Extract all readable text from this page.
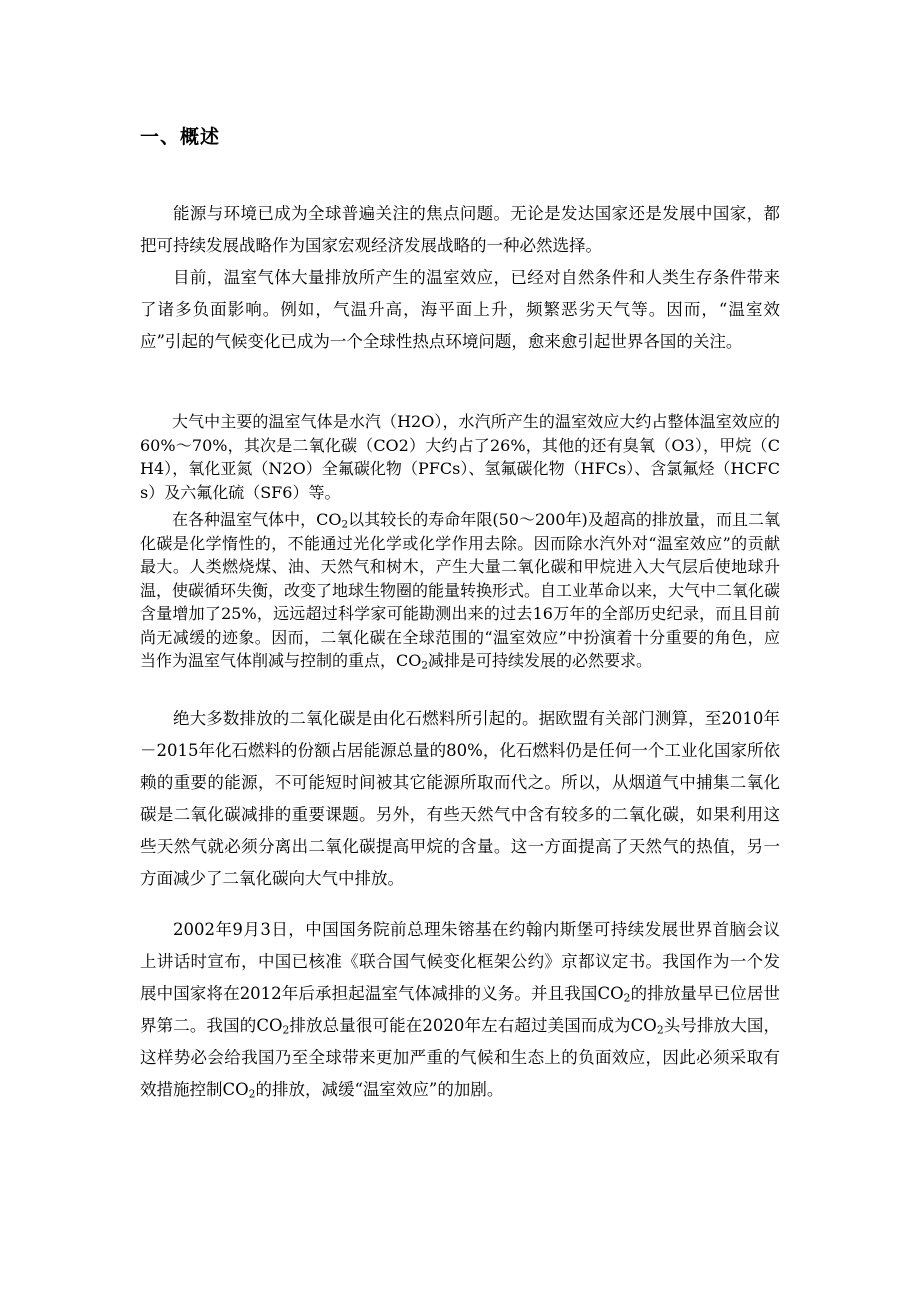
一、概述

能源与环境已成为全球普遍关注的焦点问题。无论是发达国家还是发展中国家，都把可持续发展战略作为国家宏观经济发展战略的一种必然选择。

目前，温室气体大量排放所产生的温室效应，已经对自然条件和人类生存条件带来了诸多负面影响。例如，气温升高，海平面上升，频繁恶劣天气等。因而，“温室效应”引起的气候变化已成为一个全球性热点环境问题，愈来愈引起世界各国的关注。

大气中主要的温室气体是水汽（H2O），水汽所产生的温室效应大约占整体温室效应的60%～70%，其次是二氧化碳（CO2）大约占了26%，其他的还有臭氧（O3），甲烷（CH4），氧化亚氮（N2O）全氟碳化物（PFCs）、氢氟碳化物（HFCs）、含氯氟烃（HCFCs）及六氟化硫（SF6）等。

在各种温室气体中，$CO_2$以其较长的寿命年限(50～200年)及超高的排放量，而且二氧化碳是化学惰性的，不能通过光化学或化学作用去除。因而除水汽外对“温室效应”的贡献最大。人类燃烧煤、油、天然气和树木，产生大量二氧化碳和甲烷进入大气层后使地球升温，使碳循环失衡，改变了地球生物圈的能量转换形式。自工业革命以来，大气中二氧化碳含量增加了25%，远远超过科学家可能勘测出来的过去16万年的全部历史纪录，而且目前尚无减缓的迹象。因而，二氧化碳在全球范围的“温室效应”中扮演着十分重要的角色，应当作为温室气体削减与控制的重点，$CO_2$减排是可持续发展的必然要求。

绝大多数排放的二氧化碳是由化石燃料所引起的。据欧盟有关部门测算，至2010年－2015年化石燃料的份额占居能源总量的80%，化石燃料仍是任何一个工业化国家所依赖的重要的能源，不可能短时间被其它能源所取而代之。所以，从烟道气中捕集二氧化碳是二氧化碳减排的重要课题。另外，有些天然气中含有较多的二氧化碳，如果利用这些天然气就必须分离出二氧化碳提高甲烷的含量。这一方面提高了天然气的热值，另一方面减少了二氧化碳向大气中排放。

2002年9月3日，中国国务院前总理朱镕基在约翰内斯堡可持续发展世界首脑会议上讲话时宣布，中国已核准《联合国气候变化框架公约》京都议定书。我国作为一个发展中国家将在2012年后承担起温室气体减排的义务。并且我国$CO_2$的排放量早已位居世界第二。我国的$CO_2$排放总量很可能在2020年左右超过美国而成为$CO_2$头号排放大国，这样势必会给我国乃至全球带来更加严重的气候和生态上的负面效应，因此必须采取有效措施控制$CO_2$的排放，减缓“温室效应”的加剧。
